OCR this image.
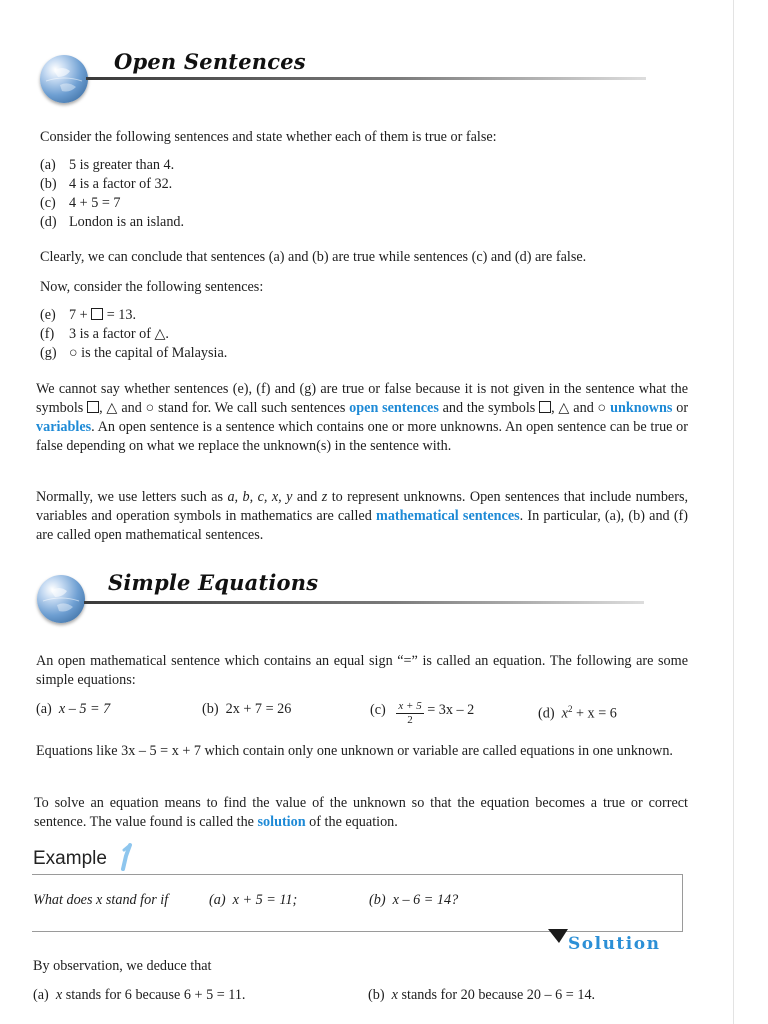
Open Sentences
Consider the following sentences and state whether each of them is true or false:
(a) 5 is greater than 4.
(b) 4 is a factor of 32.
(c) 4 + 5 = 7
(d) London is an island.
Clearly, we can conclude that sentences (a) and (b) are true while sentences (c) and (d) are false.
Now, consider the following sentences:
(e) 7 + = 13.
(f) 3 is a factor of △.
(g) ○ is the capital of Malaysia.
We cannot say whether sentences (e), (f) and (g) are true or false because it is not given in the sentence what the symbols , △ and ○ stand for. We call such sentences open sentences and the symbols , △ and ○ unknowns or variables. An open sentence is a sentence which contains one or more unknowns. An open sentence can be true or false depending on what we replace the unknown(s) in the sentence with.
Normally, we use letters such as a, b, c, x, y and z to represent unknowns. Open sentences that include numbers, variables and operation symbols in mathematics are called mathematical sentences. In particular, (a), (b) and (f) are called open mathematical sentences.
Simple Equations
An open mathematical sentence which contains an equal sign “=” is called an equation. The following are some simple equations:
(a) x – 5 = 7	(b) 2x + 7 = 26	$(c) \frac{x + 5}{2} = 3x - 2$	(d) $x^2 + x = 6$
Equations like 3x – 5 = x + 7 which contain only one unknown or variable are called equations in one unknown.
To solve an equation means to find the value of the unknown so that the equation becomes a true or correct sentence. The value found is called the solution of the equation.
Example
What does x stand for if	(a) x + 5 = 11;	(b) x – 6 = 14?
Solution
By observation, we deduce that
(a) x stands for 6 because 6 + 5 = 11.	(b) x stands for 20 because 20 – 6 = 14.
